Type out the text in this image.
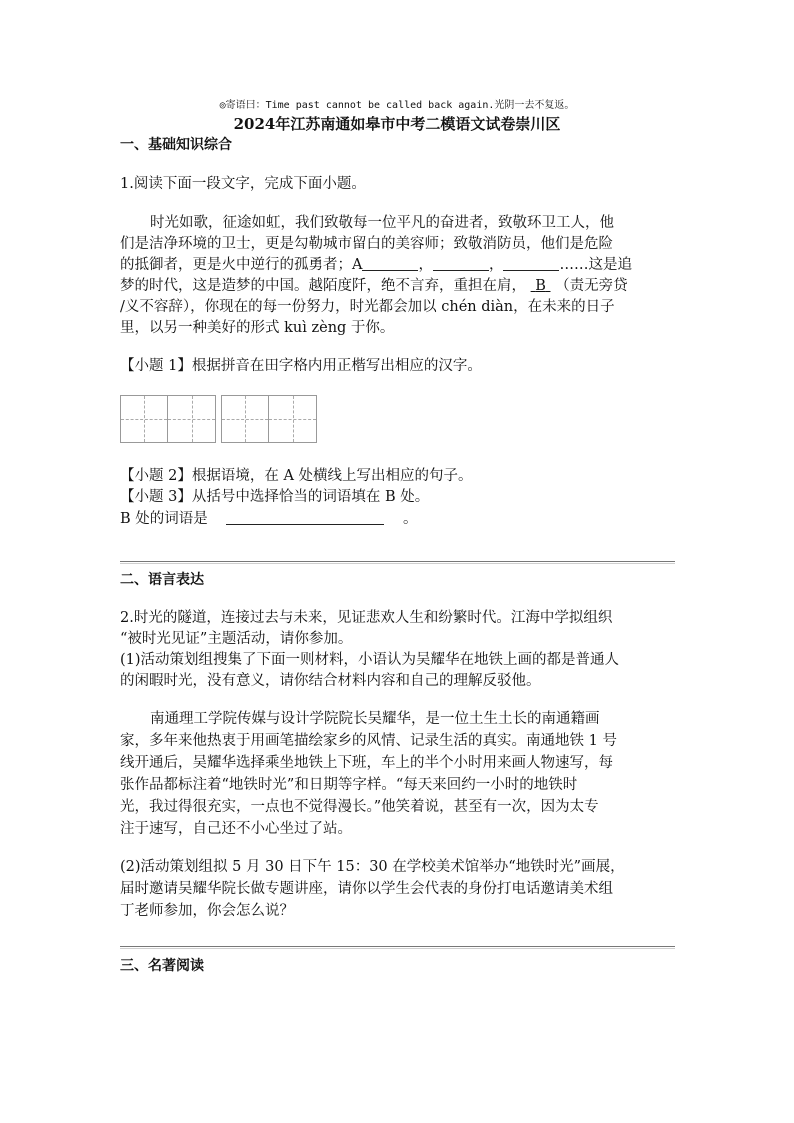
◎寄语曰：Time past cannot be called back again.光阴一去不复返。
2024年江苏南通如皋市中考二模语文试卷崇川区
一、基础知识综合
1.阅读下面一段文字，完成下面小题。
时光如歌，征途如虹，我们致敬每一位平凡的奋进者，致敬环卫工人，他
们是洁净环境的卫士，更是勾勒城市留白的美容师；致敬消防员，他们是危险
的抵御者，更是火中逆行的孤勇者；A	，	，	……这是追
梦的时代，这是造梦的中国。越陌度阡，绝不言弃，重担在肩， B （责无旁贷
/义不容辞），你现在的每一份努力，时光都会加以 chén diàn，在未来的日子
里，以另一种美好的形式 kuì zèng 于你。
【小题 1】根据拼音在田字格内用正楷写出相应的汉字。
【小题 2】根据语境，在 A 处横线上写出相应的句子。
【小题 3】从括号中选择恰当的词语填在 B 处。
B 处的词语是	。
二、语言表达
2.时光的隧道，连接过去与未来，见证悲欢人生和纷繁时代。江海中学拟组织
“被时光见证”主题活动，请你参加。
(1)活动策划组搜集了下面一则材料，小语认为吴耀华在地铁上画的都是普通人
的闲暇时光，没有意义，请你结合材料内容和自己的理解反驳他。
南通理工学院传媒与设计学院院长吴耀华，是一位土生土长的南通籍画
家，多年来他热衷于用画笔描绘家乡的风情、记录生活的真实。南通地铁 1 号
线开通后，吴耀华选择乘坐地铁上下班，车上的半个小时用来画人物速写，每
张作品都标注着“地铁时光”和日期等字样。“每天来回约一小时的地铁时
光，我过得很充实，一点也不觉得漫长。”他笑着说，甚至有一次，因为太专
注于速写，自己还不小心坐过了站。
(2)活动策划组拟 5 月 30 日下午 15：30 在学校美术馆举办“地铁时光”画展，
届时邀请吴耀华院长做专题讲座，请你以学生会代表的身份打电话邀请美术组
丁老师参加，你会怎么说？
三、名著阅读
